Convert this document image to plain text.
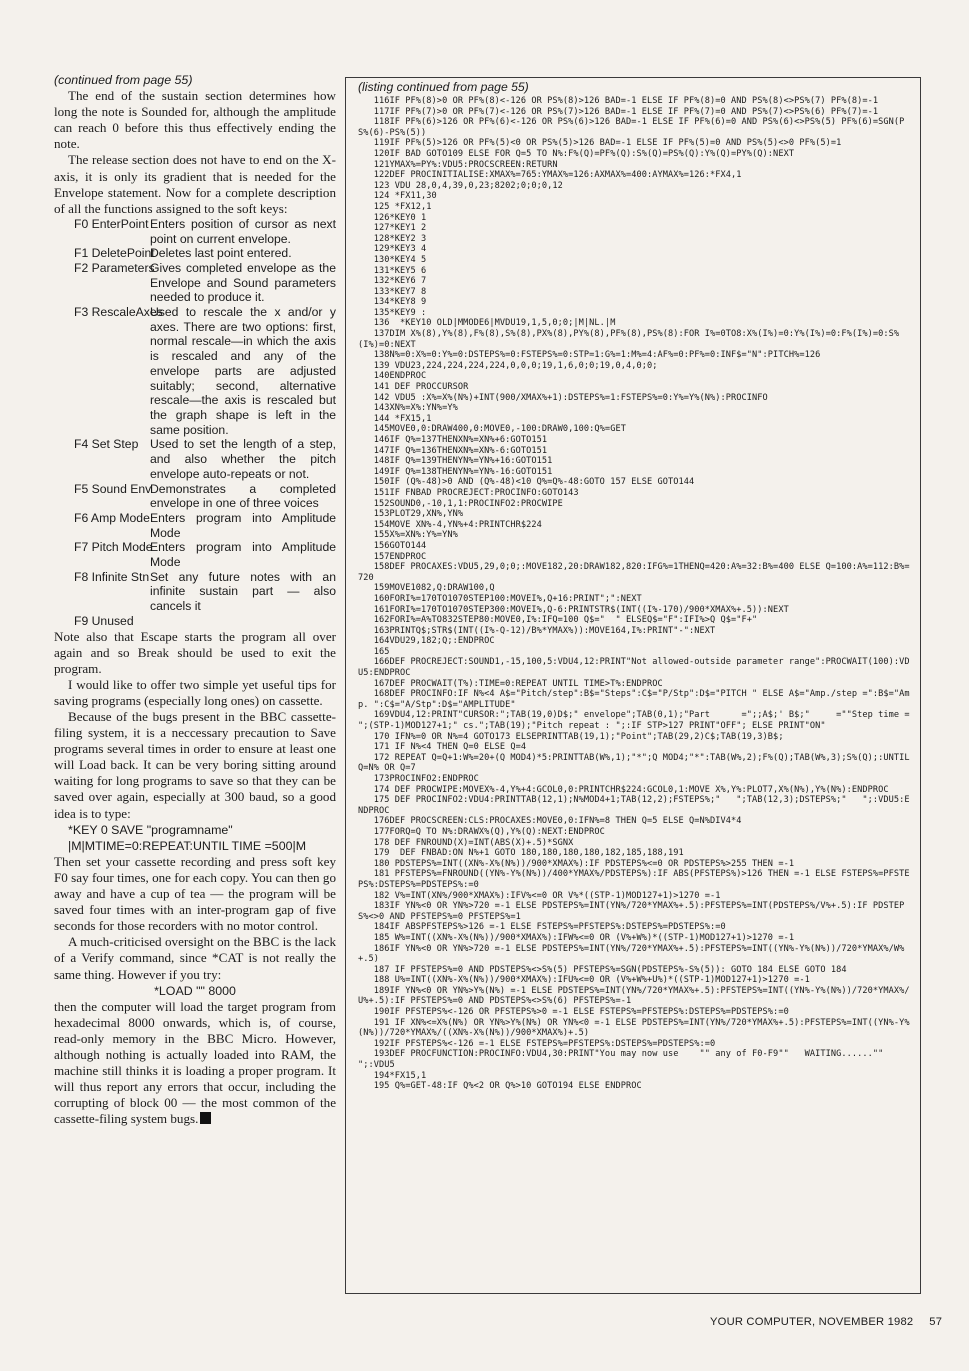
(continued from page 55)

The end of the sustain section determines how long the note is Sounded for, although the amplitude can reach 0 before this thus effectively ending the note.

The release section does not have to end on the X-axis, it is only its gradient that is needed for the Envelope statement. Now for a complete description of all the functions assigned to the soft keys:

F0 EnterPoint Enters position of cursor as next point on current envelope.
F1 DeletePoint
Deletes last point entered.
F2 Parameters
Gives completed envelope as the Envelope and Sound parameters needed to produce it.
F3 RescaleAxes
Used to rescale the x and/or y axes. There are two options: first, normal rescale—in which the axis is rescaled and any of the envelope parts are adjusted suitably; second, alternative rescale—the axis is rescaled but the graph shape is left in the same position.
F4 Set Step Used to set the length of a step, and also whether the pitch envelope auto-repeats or not.
F5 Sound Env
Demonstrates a completed envelope in one of three voices
F6 Amp Mode Enters program into Amplitude Mode
F7 Pitch Mode
Enters program into Amplitude Mode
F8 Infinite Stn Set any future notes with an infinite sustain part — also cancels it
F9 Unused

Note also that Escape starts the program all over again and so Break should be used to exit the program.

I would like to offer two simple yet useful tips for saving programs (especially long ones) on cassette.

Because of the bugs present in the BBC cassette-filing system, it is a neccessary precaution to Save programs several times in order to ensure at least one will Load back. It can be very boring sitting around waiting for long programs to save so that they can be saved over again, especially at 300 baud, so a good idea is to type:

*KEY 0 SAVE "programname"

|M|MTIME=0:REPEAT:UNTIL TIME =500|M

Then set your cassette recording and press soft key F0 say four times, one for each copy. You can then go away and have a cup of tea — the program will be saved four times with an inter-program gap of five seconds for those recorders with no motor control.

A much-criticised oversight on the BBC is the lack of a Verify command, since *CAT is not really the same thing. However if you try:

*LOAD "" 8000

then the computer will load the target program from hexadecimal 8000 onwards, which is, of course, read-only memory in the BBC Micro. However, although nothing is actually loaded into RAM, the machine still thinks it is loading a proper program. It will thus report any errors that occur, including the corrupting of block 00 — the most common of the cassette-filing system bugs.

(listing continued from page 55)
116IF PF%(8)>0 OR PF%(8)<-126 OR PS%(8)>126 BAD=-1 ELSE IF PF%(8)=0 AND PS%(8)<>PS%(7) PF%(8)=-1
117IF PF%(7)>0 OR PF%(7)<-126 OR PS%(7)>126 BAD=-1 ELSE IF PF%(7)=0 AND PS%(7)<>PS%(6) PF%(7)=-1
118IF PF%(6)>126 OR PF%(6)<-126 OR PS%(6)>126 BAD=-1 ELSE IF PF%(6)=0 AND PS%(6)<>PS%(5) PF%(6)=SGN(PS%(6)-PS%(5))
119IF PF%(5)>126 OR PF%(5)<0 OR PS%(5)>126 BAD=-1 ELSE IF PF%(5)=0 AND PS%(5)<>0 PF%(5)=1
120IF BAD GOTO109 ELSE FOR Q=5 TO N%:F%(Q)=PF%(Q):S%(Q)=PS%(Q):Y%(Q)=PY%(Q):NEXT
121YMAX%=PY%:VDU5:PROCSCREEN:RETURN
122DEF PROCINITIALISE:XMAX%=765:YMAX%=126:AXMAX%=400:AYMAX%=126:*FX4,1
123 VDU 28,0,4,39,0,23;8202;0;0;0,12
124 *FX11,30
125 *FX12,1
126*KEY0 1
127*KEY1 2
128*KEY2 3
129*KEY3 4
130*KEY4 5
131*KEY5 6
132*KEY6 7
133*KEY7 8
134*KEY8 9
135*KEY9 :
136  *KEY10 OLD|MMODE6|MVDU19,1,5,0;0;|M|NL.|M
137DIM X%(8),Y%(8),F%(8),S%(8),PX%(8),PY%(8),PF%(8),PS%(8):FOR I%=0TO8:X%(I%)=0:Y%(I%)=0:F%(I%)=0:S%(I%)=0:NEXT
138N%=0:X%=0:Y%=0:DSTEPS%=0:FSTEPS%=0:STP=1:G%=1:M%=4:AF%=0:PF%=0:INF$="N":PITCH%=126
139 VDU23,224,224,224,224,0,0,0;19,1,6,0;0;19,0,4,0;0;
140ENDPROC
141 DEF PROCCURSOR
142 VDU5 :X%=X%(N%)+INT(900/XMAX%+1):DSTEPS%=1:FSTEPS%=0:Y%=Y%(N%):PROCINFO
143XN%=X%:YN%=Y%
144 *FX15,1
145MOVE0,0:DRAW400,0:MOVE0,-100:DRAW0,100:Q%=GET
146IF Q%=137THENXN%=XN%+6:GOTO151
147IF Q%=136THENXN%=XN%-6:GOTO151
148IF Q%=139THENYN%=YN%+16:GOTO151
149IF Q%=138THENYN%=YN%-16:GOTO151
150IF (Q%-48)>0 AND (Q%-48)<10 Q%=Q%-48:GOTO 157 ELSE GOTO144
151IF FNBAD PROCREJECT:PROCINFO:GOTO143
152SOUND0,-10,1,1:PROCINFO2:PROCWIPE
153PLOT29,XN%,YN%
154MOVE XN%-4,YN%+4:PRINTCHR$224
155X%=XN%:Y%=YN%
156GOTO144
157ENDPROC
158DEF PROCAXES:VDU5,29,0;0;:MOVE182,20:DRAW182,820:IFG%=1THENQ=420:A%=32:B%=400 ELSE Q=100:A%=112:B%=720
159MOVE1082,Q:DRAW100,Q
160FORI%=170TO1070STEP100:MOVEI%,Q+16:PRINT";":NEXT
161FORI%=170TO1070STEP300:MOVEI%,Q-6:PRINTSTR$(INT((I%-170)/900*XMAX%+.5)):NEXT
162FORI%=A%TO832STEP80:MOVE0,I%:IFQ=100 Q$="  " ELSEQ$="F":IFI%>Q Q$="F+"
163PRINTQ$;STR$(INT((I%-Q-12)/B%*YMAX%)):MOVE164,I%:PRINT"-":NEXT
164VDU29,182;Q;:ENDPROC
165
166DEF PROCREJECT:SOUND1,-15,100,5:VDU4,12:PRINT"Not allowed-outside parameter range":PROCWAIT(100):VDU5:ENDPROC
167DEF PROCWAIT(T%):TIME=0:REPEAT UNTIL TIME>T%:ENDPROC
168DEF PROCINFO:IF N%<4 A$="Pitch/step":B$="Steps":C$="P/Stp":D$="PITCH " ELSE A$="Amp./step =":B$="Amp. ":C$="A/Stp":D$="AMPLITUDE"
169VDU4,12:PRINT"CURSOR:";TAB(19,0)D$;" envelope";TAB(0,1);"Part      =";;A$;' B$;"     =""Step time = ";(STP-1)MOD127+1;" cs.";TAB(19);"Pitch repeat : ";:IF STP>127 PRINT"OFF"; ELSE PRINT"ON"
170 IFN%=0 OR N%=4 GOTO173 ELSEPRINTTAB(19,1);"Point";TAB(29,2)C$;TAB(19,3)B$;
171 IF N%<4 THEN Q=0 ELSE Q=4
172 REPEAT Q=Q+1:W%=20+(Q MOD4)*5:PRINTTAB(W%,1);"*";Q MOD4;"*":TAB(W%,2);F%(Q);TAB(W%,3);S%(Q);:UNTIL Q=N% OR Q=7
173PROCINFO2:ENDPROC
174 DEF PROCWIPE:MOVEX%-4,Y%+4:GCOL0,0:PRINTCHR$224:GCOL0,1:MOVE X%,Y%:PLOT7,X%(N%),Y%(N%):ENDPROC
175 DEF PROCINFO2:VDU4:PRINTTAB(12,1);N%MOD4+1;TAB(12,2);FSTEPS%;"   ";TAB(12,3);DSTEPS%;"   ";:VDU5:ENDPROC
176DEF PROCSCREEN:CLS:PROCAXES:MOVE0,0:IFN%=8 THEN Q=5 ELSE Q=N%DIV4*4
177FORQ=Q TO N%:DRAWX%(Q),Y%(Q):NEXT:ENDPROC
178 DEF FNROUND(X)=INT(ABS(X)+.5)*SGNX
179  DEF FNBAD:ON N%+1 GOTO 180,180,180,180,182,185,188,191
180 PDSTEPS%=INT((XN%-X%(N%))/900*XMAX%):IF PDSTEPS%<=0 OR PDSTEPS%>255 THEN =-1
181 PFSTEPS%=FNROUND((YN%-Y%(N%))/400*YMAX%/PDSTEPS%):IF ABS(PFSTEPS%)>126 THEN =-1 ELSE FSTEPS%=PFSTEPS%:DSTEPS%=PDSTEPS%:=0
182 V%=INT(XN%/900*XMAX%):IFV%<=0 OR V%*((STP-1)MOD127+1)>1270 =-1
183IF YN%<0 OR YN%>720 =-1 ELSE PDSTEPS%=INT(YN%/720*YMAX%+.5):PFSTEPS%=INT(PDSTEPS%/V%+.5):IF PDSTEPS%<>0 AND PFSTEPS%=0 PFSTEPS%=1
184IF ABSPFSTEPS%>126 =-1 ELSE FSTEPS%=PFSTEPS%:DSTEPS%=PDSTEPS%:=0
185 W%=INT((XN%-X%(N%))/900*XMAX%):IFW%<=0 OR (V%+W%)*((STP-1)MOD127+1)>1270 =-1
186IF YN%<0 OR YN%>720 =-1 ELSE PDSTEPS%=INT(YN%/720*YMAX%+.5):PFSTEPS%=INT((YN%-Y%(N%))/720*YMAX%/W%+.5)
187 IF PFSTEPS%=0 AND PDSTEPS%<>S%(5) PFSTEPS%=SGN(PDSTEPS%-S%(5)): GOTO 184 ELSE GOTO 184
188 U%=INT((XN%-X%(N%))/900*XMAX%):IFU%<=0 OR (V%+W%+U%)*((STP-1)MOD127+1)>1270 =-1
189IF YN%<0 OR YN%>Y%(N%) =-1 ELSE PDSTEPS%=INT(YN%/720*YMAX%+.5):PFSTEPS%=INT((YN%-Y%(N%))/720*YMAX%/U%+.5):IF PFSTEPS%=0 AND PDSTEPS%<>S%(6) PFSTEPS%=-1
190IF PFSTEPS%<-126 OR PFSTEPS%>0 =-1 ELSE FSTEPS%=PFSTEPS%:DSTEPS%=PDSTEPS%:=0
191 IF XN%<=X%(N%) OR YN%>Y%(N%) OR YN%<0 =-1 ELSE PDSTEPS%=INT(YN%/720*YMAX%+.5):PFSTEPS%=INT((YN%-Y%(N%))/720*YMAX%/((XN%-X%(N%))/900*XMAX%)+.5)
192IF PFSTEPS%<-126 =-1 ELSE FSTEPS%=PFSTEPS%:DSTEPS%=PDSTEPS%:=0
193DEF PROCFUNCTION:PROCINFO:VDU4,30:PRINT"You may now use    "" any of F0-F9""   WAITING......""              ";:VDU5
194*FX15,1
195 Q%=GET-48:IF Q%<2 OR Q%>10 GOTO194 ELSE ENDPROC
YOUR COMPUTER, NOVEMBER 1982 57
